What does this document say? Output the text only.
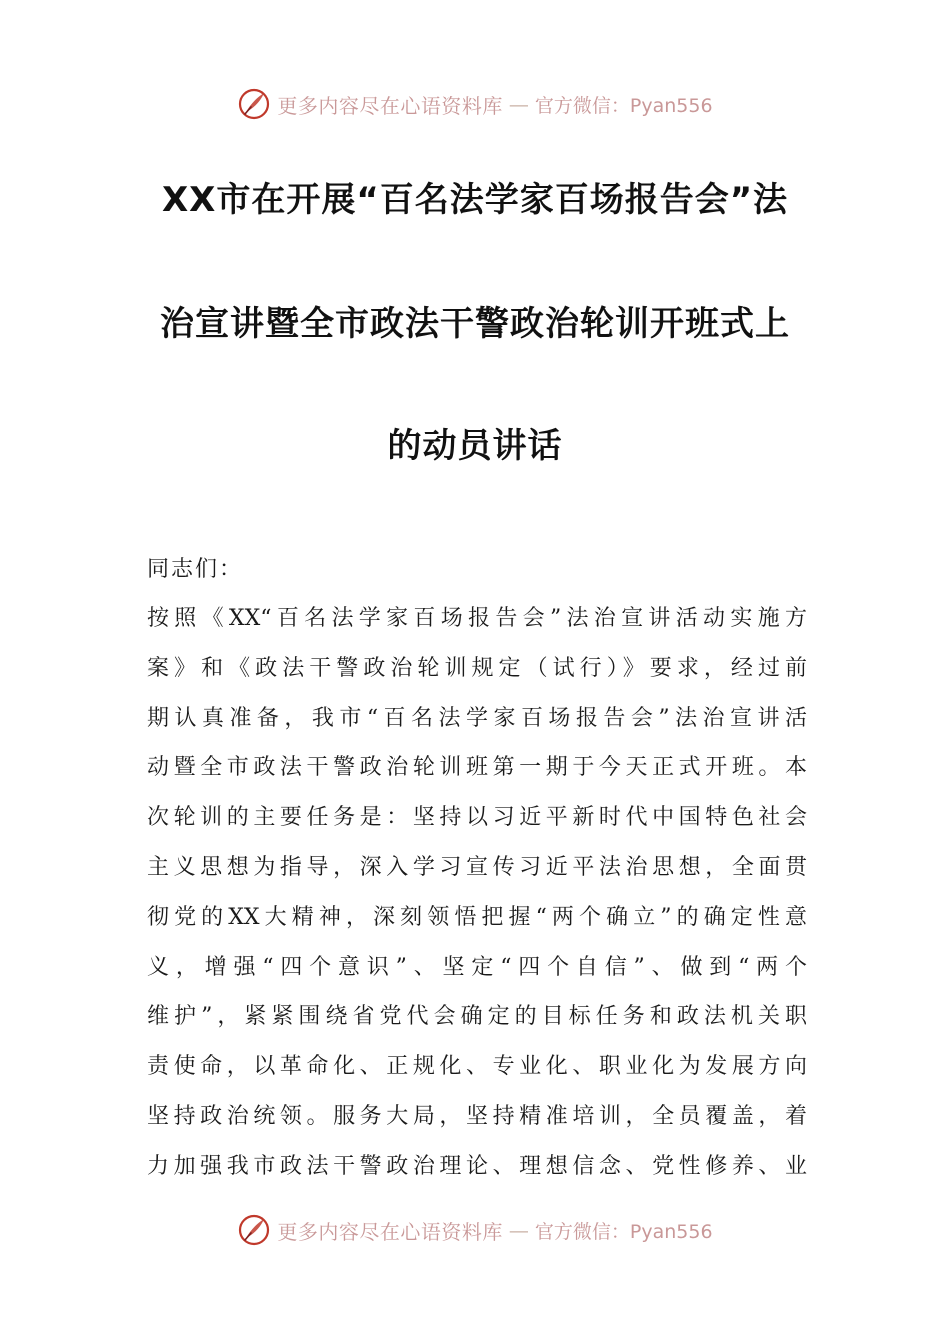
更多内容尽在心语资料库 — 官方微信：Pyan556
XX市在开展“百名法学家百场报告会”法
治宣讲暨全市政法干警政治轮训开班式上
的动员讲话
同志们：
按照《XX“百名法学家百场报告会”法治宣讲活动实施方
案》和《政法干警政治轮训规定（试行）》要求，经过前
期认真准备，我市“百名法学家百场报告会”法治宣讲活
动暨全市政法干警政治轮训班第一期于今天正式开班。本
次轮训的主要任务是：坚持以习近平新时代中国特色社会
主义思想为指导，深入学习宣传习近平法治思想，全面贯
彻党的XX大精神，深刻领悟把握“两个确立”的确定性意
义，增强“四个意识”、坚定“四个自信”、做到“两个
维护”，紧紧围绕省党代会确定的目标任务和政法机关职
责使命，以革命化、正规化、专业化、职业化为发展方向
坚持政治统领。服务大局，坚持精准培训，全员覆盖，着
力加强我市政法干警政治理论、理想信念、党性修养、业
更多内容尽在心语资料库 — 官方微信：Pyan556
